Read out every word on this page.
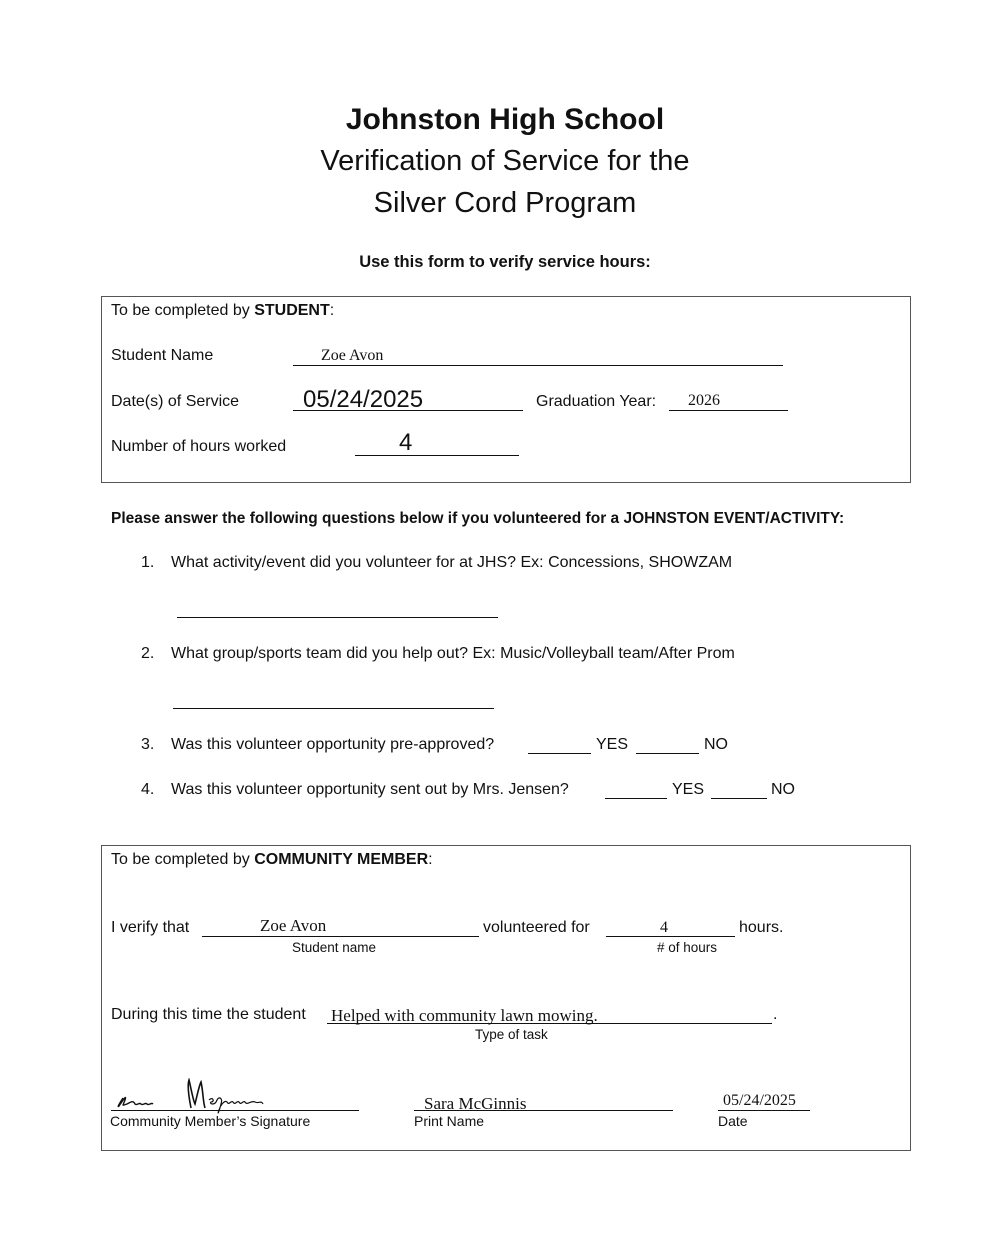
Johnston High School
Verification of Service for the
Silver Cord Program
Use this form to verify service hours:
To be completed by STUDENT:
Student Name	Zoe Avon
Date(s) of Service	05/24/2025	Graduation Year: 2026
Number of hours worked	4
Please answer the following questions below if you volunteered for a JOHNSTON EVENT/ACTIVITY:
1. What activity/event did you volunteer for at JHS? Ex: Concessions, SHOWZAM
2. What group/sports team did you help out? Ex: Music/Volleyball team/After Prom
3. Was this volunteer opportunity pre-approved?	YES	NO
4. Was this volunteer opportunity sent out by Mrs. Jensen?	YES	NO
To be completed by COMMUNITY MEMBER:
I verify that	Zoe Avon
Student name
volunteered for	4	hours.
# of hours
During this time the student Helped with community lawn mowing.	.
Type of task
Community Member’s Signature
Sara McGinnis
Print Name
05/24/2025
Date
